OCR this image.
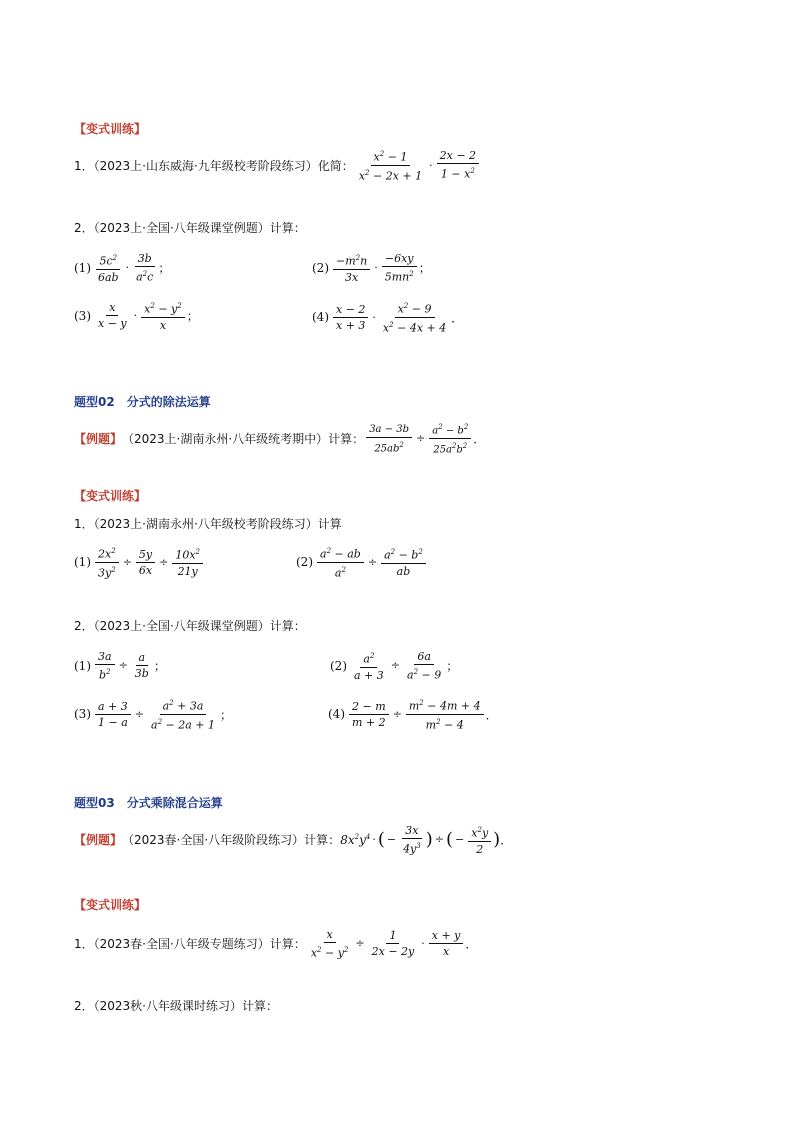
【变式训练】
1．（2023上·山东威海·九年级校考阶段练习）化简： $\frac{x^2 - 1}{x^2 - 2x + 1} \cdot \frac{2x - 2}{1 - x^2}$
2．（2023上·全国·八年级课堂例题）计算：
$(1) \frac{5c^2}{6ab} \cdot \frac{3b}{a^2c}$ ；	$(2) \frac{-m^2n}{3x} \cdot \frac{-6xy}{5mn^2}$ ；
$(3) \frac{x}{x - y} \cdot \frac{x^2 - y^2}{x}$ ；	$(4) \frac{x - 2}{x + 3} \cdot \frac{x^2 - 9}{x^2 - 4x + 4}$ ．
题型02　分式的除法运算
【例题】 （2023上·湖南永州·八年级统考期中）计算： $\frac{3a - 3b}{25ab^2} \div \frac{a^2 - b^2}{25a^2b^2}$ ．
【变式训练】
1．（2023上·湖南永州·八年级校考阶段练习）计算
$(1) \frac{2x^2}{3y^2} \div \frac{5y}{6x} \div \frac{10x^2}{21y}$	$(2) \frac{a^2 - ab}{a^2} \div \frac{a^2 - b^2}{ab}$
2．（2023上·全国·八年级课堂例题）计算：
$(1) \frac{3a}{b^2} \div \frac{a}{3b}$ ；	$(2) \frac{a^2}{a + 3} \div \frac{6a}{a^2 - 9}$ ；
$(3) \frac{a + 3}{1 - a} \div \frac{a^2 + 3a}{a^2 - 2a + 1}$ ；	$(4) \frac{2 - m}{m + 2} \div \frac{m^2 - 4m + 4}{m^2 - 4}$ ．
题型03　分式乘除混合运算
【例题】 （2023春·全国·八年级阶段练习）计算： $8x^2y^4$ · ( − $\frac{3x}{4y^3}$ ) ÷ ( − $\frac{x^2y}{2}$ ) ．
【变式训练】
1．（2023春·全国·八年级专题练习）计算： $\frac{x}{x^2 - y^2} \div \frac{1}{2x - 2y} \cdot \frac{x + y}{x}$ ．
2．（2023秋·八年级课时练习）计算：
